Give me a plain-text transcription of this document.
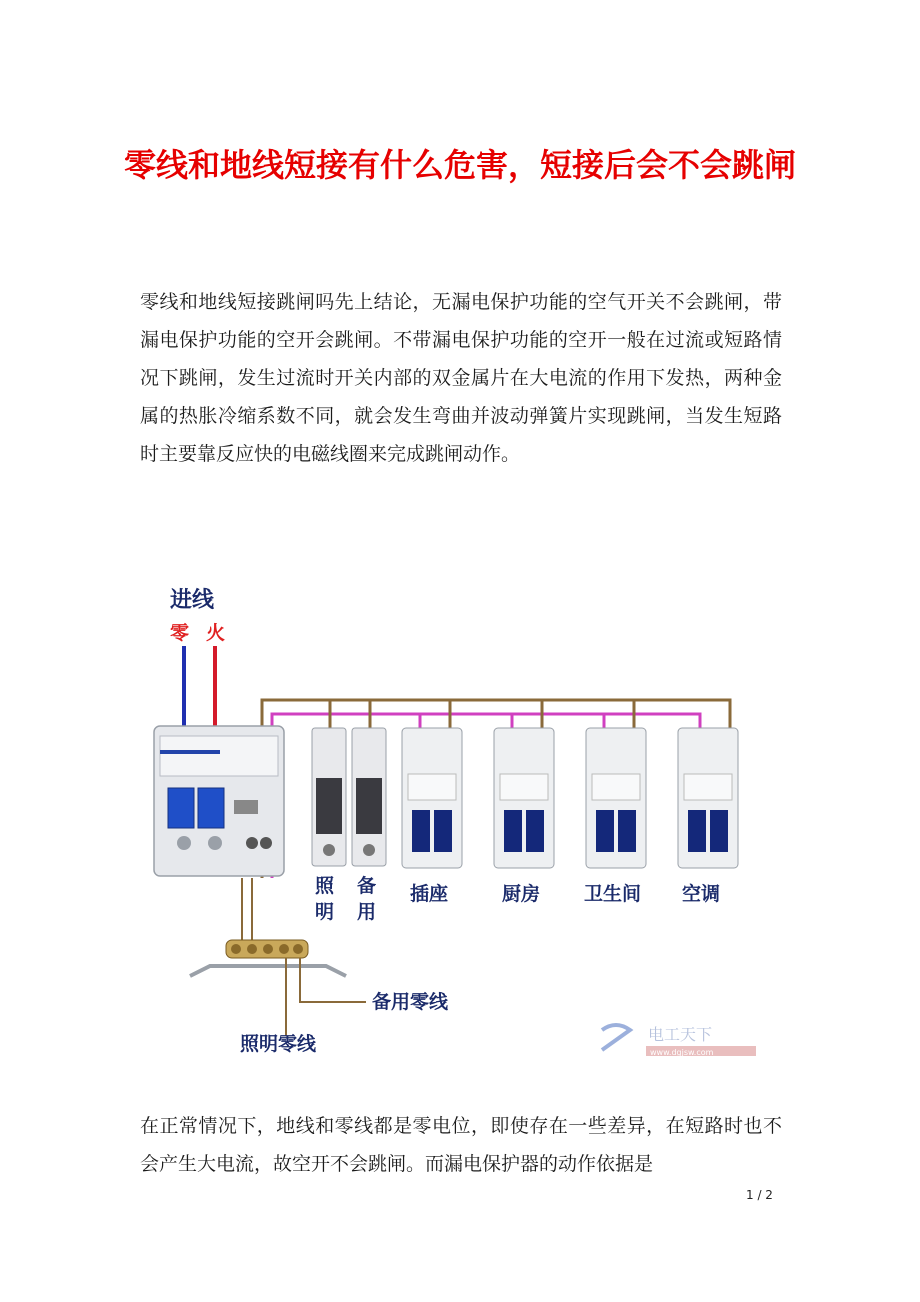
零线和地线短接有什么危害，短接后会不会跳闸

零线和地线短接跳闸吗先上结论，无漏电保护功能的空气开关不会跳闸，带漏电保护功能的空开会跳闸。不带漏电保护功能的空开一般在过流或短路情况下跳闸，发生过流时开关内部的双金属片在大电流的作用下发热，两种金属的热胀冷缩系数不同，就会发生弯曲并波动弹簧片实现跳闸，当发生短路时主要靠反应快的电磁线圈来完成跳闸动作。

进线
零 火
照
明
备
用
插座	厨房 卫生间 空调
备用零线
照明零线	电工天下
www.dgjsw.com

在正常情况下，地线和零线都是零电位，即使存在一些差异，在短路时也不会产生大电流，故空开不会跳闸。而漏电保护器的动作依据是

1 / 2
